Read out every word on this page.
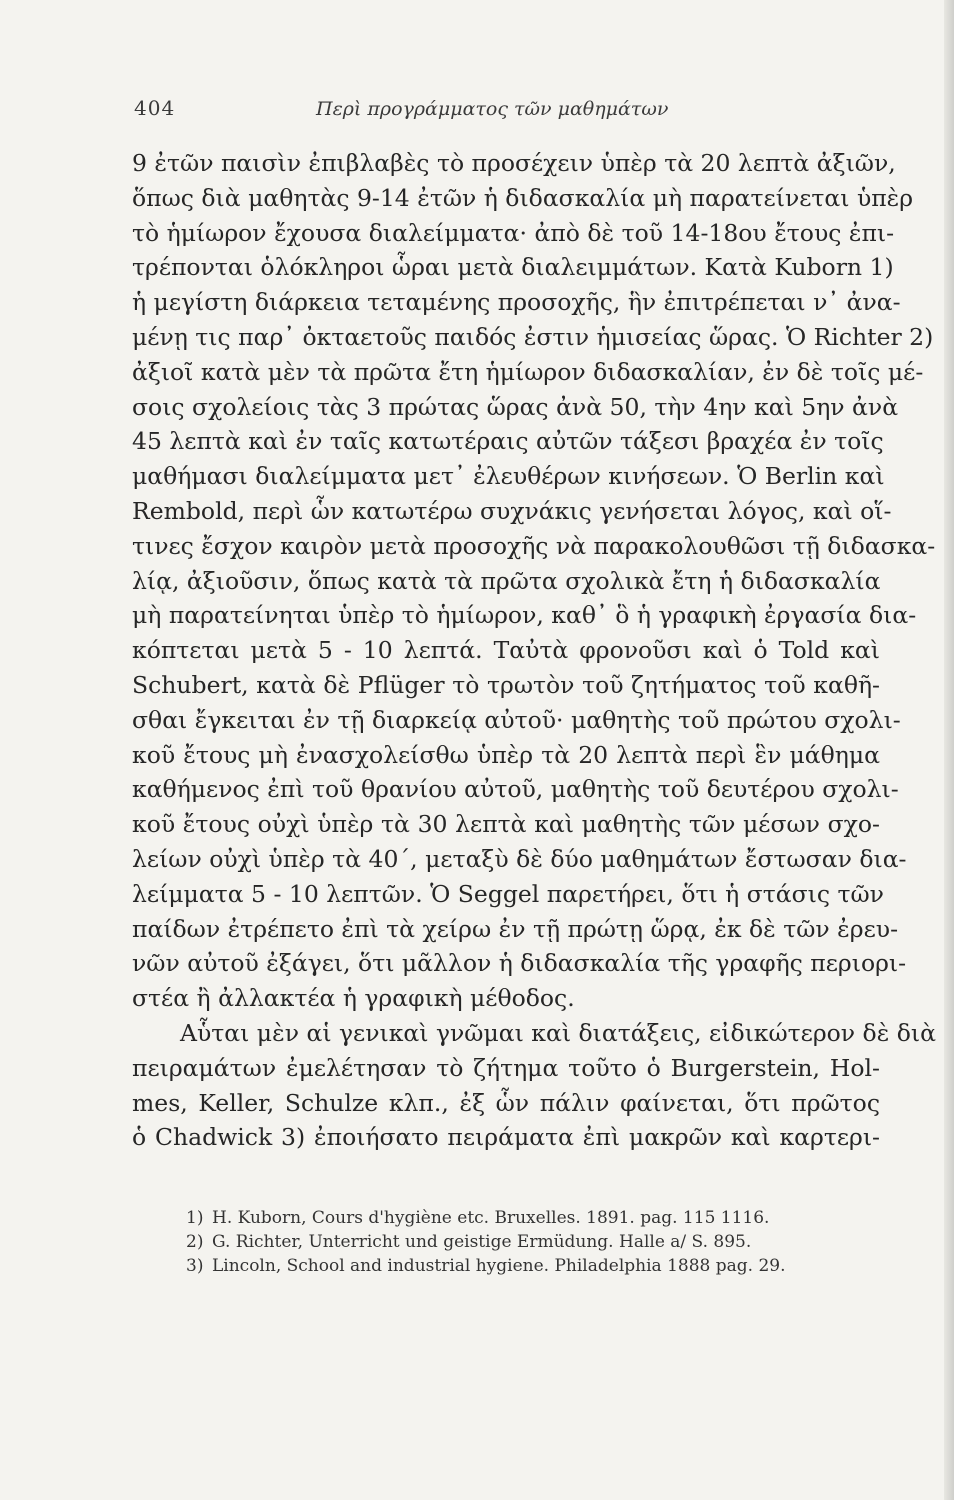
404	Περὶ προγράμματος τῶν μαθημάτων
9 ἐτῶν παισὶν ἐπιβλαβὲς τὸ προσέχειν ὑπὲρ τὰ 20 λεπτὰ ἀξιῶν,
ὅπως διὰ μαθητὰς 9-14 ἐτῶν ἡ διδασκαλία μὴ παρατείνεται ὑπὲρ
τὸ ἡμίωρον ἔχουσα διαλείμματα· ἀπὸ δὲ τοῦ 14-18ου ἔτους ἐπι-
τρέπονται ὁλόκληροι ὧραι μετὰ διαλειμμάτων. Κατὰ Kuborn 1)
ἡ μεγίστη διάρκεια τεταμένης προσοχῆς, ἣν ἐπιτρέπεται ν᾽ ἀνα-
μένῃ τις παρ᾽ ὀκταετοῦς παιδός ἐστιν ἡμισείας ὥρας. Ὁ Richter 2)
ἀξιοῖ κατὰ μὲν τὰ πρῶτα ἔτη ἡμίωρον διδασκαλίαν, ἐν δὲ τοῖς μέ-
σοις σχολείοις τὰς 3 πρώτας ὥρας ἀνὰ 50, τὴν 4ην καὶ 5ην ἀνὰ
45 λεπτὰ καὶ ἐν ταῖς κατωτέραις αὐτῶν τάξεσι βραχέα ἐν τοῖς
μαθήμασι διαλείμματα μετ᾽ ἐλευθέρων κινήσεων. Ὁ Berlin καὶ
Rembold, περὶ ὧν κατωτέρω συχνάκις γενήσεται λόγος, καὶ οἵ-
τινες ἔσχον καιρὸν μετὰ προσοχῆς νὰ παρακολουθῶσι τῇ διδασκα-
λίᾳ, ἀξιοῦσιν, ὅπως κατὰ τὰ πρῶτα σχολικὰ ἔτη ἡ διδασκαλία
μὴ παρατείνηται ὑπὲρ τὸ ἡμίωρον, καθ᾽ ὃ ἡ γραφικὴ ἐργασία δια-
κόπτεται μετὰ 5 - 10 λεπτά. Ταὐτὰ φρονοῦσι καὶ ὁ Told καὶ
Schubert, κατὰ δὲ Pflüger τὸ τρωτὸν τοῦ ζητήματος τοῦ καθῆ-
σθαι ἔγκειται ἐν τῇ διαρκείᾳ αὐτοῦ· μαθητὴς τοῦ πρώτου σχολι-
κοῦ ἔτους μὴ ἐνασχολείσθω ὑπὲρ τὰ 20 λεπτὰ περὶ ἓν μάθημα
καθήμενος ἐπὶ τοῦ θρανίου αὐτοῦ, μαθητὴς τοῦ δευτέρου σχολι-
κοῦ ἔτους οὐχὶ ὑπὲρ τὰ 30 λεπτὰ καὶ μαθητὴς τῶν μέσων σχο-
λείων οὐχὶ ὑπὲρ τὰ 40΄, μεταξὺ δὲ δύο μαθημάτων ἔστωσαν δια-
λείμματα 5 - 10 λεπτῶν. Ὁ Seggel παρετήρει, ὅτι ἡ στάσις τῶν
παίδων ἐτρέπετο ἐπὶ τὰ χείρω ἐν τῇ πρώτῃ ὥρᾳ, ἐκ δὲ τῶν ἐρευ-
νῶν αὐτοῦ ἐξάγει, ὅτι μᾶλλον ἡ διδασκαλία τῆς γραφῆς περιορι-
στέα ἢ ἀλλακτέα ἡ γραφικὴ μέθοδος.
Αὗται μὲν αἱ γενικαὶ γνῶμαι καὶ διατάξεις, εἰδικώτερον δὲ διὰ
πειραμάτων ἐμελέτησαν τὸ ζήτημα τοῦτο ὁ Burgerstein, Hol-
mes, Keller, Schulze κλπ., ἐξ ὧν πάλιν φαίνεται, ὅτι πρῶτος
ὁ Chadwick 3) ἐποιήσατο πειράματα ἐπὶ μακρῶν καὶ καρτερι-
1) H. Kuborn, Cours d'hygiène etc. Bruxelles. 1891. pag. 115 1116.
2) G. Richter, Unterricht und geistige Ermüdung. Halle a/ S. 895.
3) Lincoln, School and industrial hygiene. Philadelphia 1888 pag. 29.
